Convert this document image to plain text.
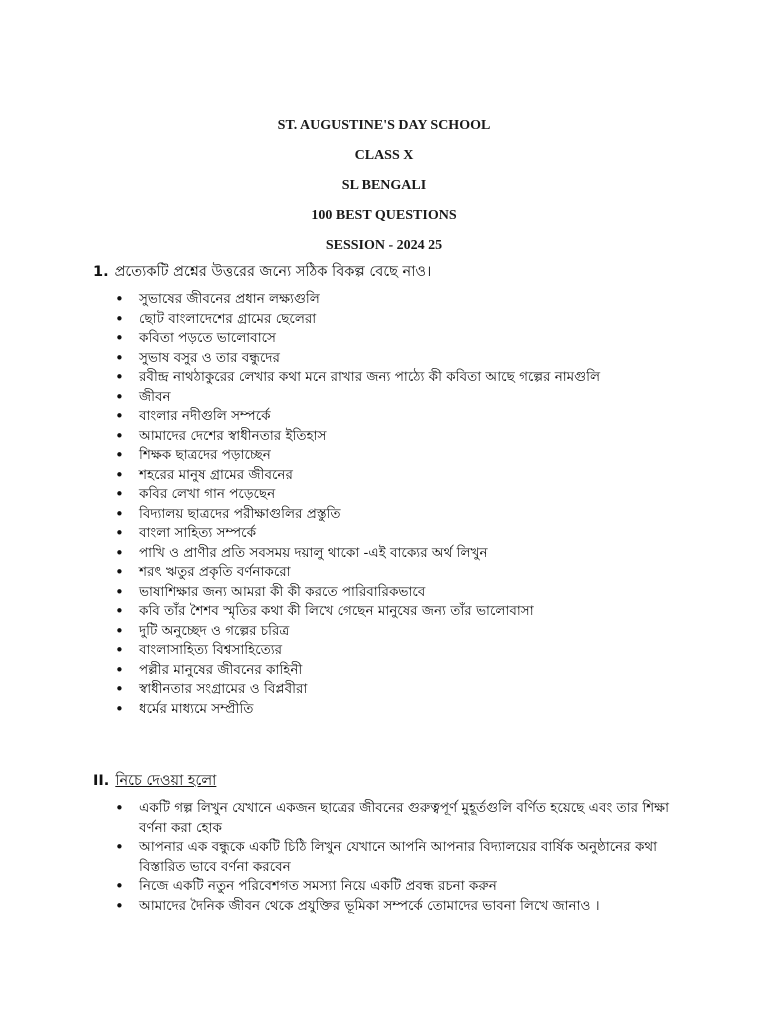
ST. AUGUSTINE'S DAY SCHOOL
CLASS X
SL BENGALI
100 BEST QUESTIONS
SESSION - 2024 25
1. প্রত্যেকটি প্রশ্নের উত্তরের জন্যে সঠিক বিকল্প বেছে নাও।
• সুভাষের জীবনের প্রধান লক্ষ্যগুলি
• ছোট বাংলাদেশের গ্রামের ছেলেরা
• কবিতা পড়তে ভালোবাসে
• সুভাষ বসুর ও তার বন্ধুদের
• রবীন্দ্র নাথঠাকুরের লেখার কথা মনে রাখার জন্য পাঠ্যে কী কবিতা আছে গল্পের নামগুলি
• জীবন
• বাংলার নদীগুলি সম্পর্কে
• আমাদের দেশের স্বাধীনতার ইতিহাস
• শিক্ষক ছাত্রদের পড়াচ্ছেন
• শহরের মানুষ গ্রামের জীবনের
• কবির লেখা গান পড়েছেন
• বিদ্যালয় ছাত্রদের পরীক্ষাগুলির প্রস্তুতি
• বাংলা সাহিত্য সম্পর্কে
• পাখি ও প্রাণীর প্রতি সবসময় দয়ালু থাকো -এই বাক্যের অর্থ লিখুন
• শরৎ ঋতুর প্রকৃতি বর্ণনাকরো
• ভাষাশিক্ষার জন্য আমরা কী কী করতে পারিবারিকভাবে
• কবি তাঁর শৈশব স্মৃতির কথা কী লিখে গেছেন মানুষের জন্য তাঁর ভালোবাসা
• দুটি অনুচ্ছেদ ও গল্পের চরিত্র
• বাংলাসাহিত্য বিশ্বসাহিত্যের
• পল্লীর মানুষের জীবনের কাহিনী
• স্বাধীনতার সংগ্রামের ও বিপ্লবীরা
• ধর্মের মাধ্যমে সম্প্রীতি
II. নিচে দেওয়া হলো
• একটি গল্প লিখুন যেখানে একজন ছাত্রের জীবনের গুরুত্বপূর্ণ মুহূর্তগুলি বর্ণিত হয়েছে এবং তার শিক্ষা বর্ণনা করা হোক
• আপনার এক বন্ধুকে একটি চিঠি লিখুন যেখানে আপনি আপনার বিদ্যালয়ের বার্ষিক অনুষ্ঠানের কথা বিস্তারিত ভাবে বর্ণনা করবেন
• নিজে একটি নতুন পরিবেশগত সমস্যা নিয়ে একটি প্রবন্ধ রচনা করুন
• আমাদের দৈনিক জীবন থেকে প্রযুক্তির ভূমিকা সম্পর্কে তোমাদের ভাবনা লিখে জানাও ।
